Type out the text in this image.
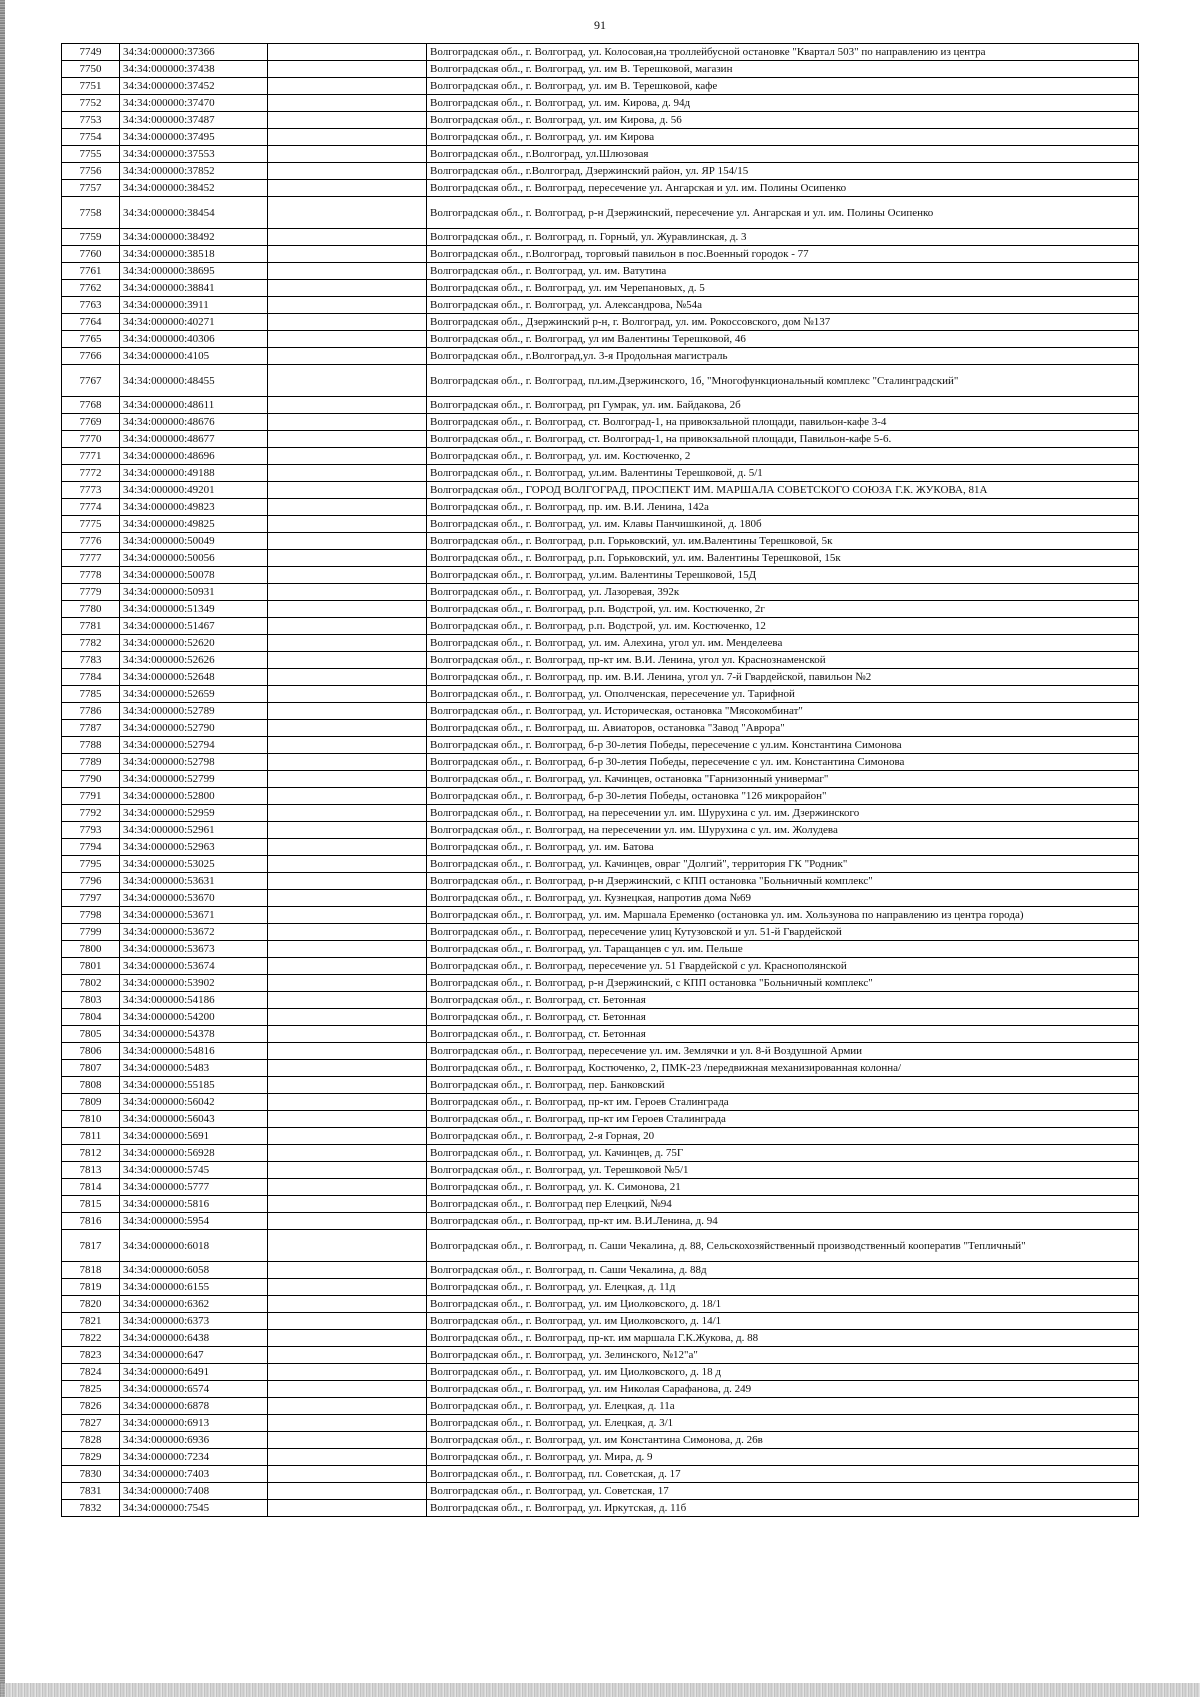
91
7749	34:34:000000:37366		Волгоградская обл., г. Волгоград, ул. Колосовая,на троллейбусной остановке "Квартал 503" по направлению из центра
7750	34:34:000000:37438		Волгоградская обл., г. Волгоград, ул. им В. Терешковой, магазин
7751	34:34:000000:37452		Волгоградская обл., г. Волгоград, ул. им В. Терешковой, кафе
7752	34:34:000000:37470		Волгоградская обл., г. Волгоград, ул. им. Кирова, д. 94д
7753	34:34:000000:37487		Волгоградская обл., г. Волгоград, ул. им Кирова, д. 56
7754	34:34:000000:37495		Волгоградская обл., г. Волгоград, ул. им Кирова
7755	34:34:000000:37553		Волгоградская обл., г.Волгоград, ул.Шлюзовая
7756	34:34:000000:37852		Волгоградская обл., г.Волгоград, Дзержинский район, ул. ЯР 154/15
7757	34:34:000000:38452		Волгоградская обл., г. Волгоград, пересечение ул. Ангарская и ул. им. Полины Осипенко
7758	34:34:000000:38454		Волгоградская обл., г. Волгоград, р-н Дзержинский, пересечение ул. Ангарская и ул. им. Полины Осипенко
7759	34:34:000000:38492		Волгоградская обл., г. Волгоград, п. Горный, ул. Журавлинская, д. 3
7760	34:34:000000:38518		Волгоградская обл., г.Волгоград, торговый павильон в пос.Военный городок - 77
7761	34:34:000000:38695		Волгоградская обл., г. Волгоград, ул. им. Ватутина
7762	34:34:000000:38841		Волгоградская обл., г. Волгоград, ул. им Черепановых, д. 5
7763	34:34:000000:3911		Волгоградская обл., г. Волгоград, ул. Александрова, №54а
7764	34:34:000000:40271		Волгоградская обл., Дзержинский р-н, г. Волгоград, ул. им. Рокоссовского, дом №137
7765	34:34:000000:40306		Волгоградская обл., г. Волгоград, ул им Валентины Терешковой, 46
7766	34:34:000000:4105		Волгоградская обл., г.Волгоград,ул. 3-я Продольная магистраль
7767	34:34:000000:48455		Волгоградская обл., г. Волгоград, пл.им.Дзержинского, 1б, "Многофункциональный комплекс "Сталинградский"
7768	34:34:000000:48611		Волгоградская обл., г. Волгоград, рп Гумрак, ул. им. Байдакова, 2б
7769	34:34:000000:48676		Волгоградская обл., г. Волгоград, ст. Волгоград-1, на привокзальной площади, павильон-кафе 3-4
7770	34:34:000000:48677		Волгоградская обл., г. Волгоград, ст. Волгоград-1, на привокзальной площади, Павильон-кафе 5-6.
7771	34:34:000000:48696		Волгоградская обл., г. Волгоград, ул. им. Костюченко, 2
7772	34:34:000000:49188		Волгоградская обл., г. Волгоград, ул.им. Валентины Терешковой, д. 5/1
7773	34:34:000000:49201		Волгоградская обл., ГОРОД ВОЛГОГРАД, ПРОСПЕКТ ИМ. МАРШАЛА СОВЕТСКОГО СОЮЗА Г.К. ЖУКОВА, 81А
7774	34:34:000000:49823		Волгоградская обл., г. Волгоград, пр. им. В.И. Ленина, 142а
7775	34:34:000000:49825		Волгоградская обл., г. Волгоград, ул. им. Клавы Панчишкиной, д. 180б
7776	34:34:000000:50049		Волгоградская обл., г. Волгоград, р.п. Горьковский, ул. им.Валентины Терешковой, 5к
7777	34:34:000000:50056		Волгоградская обл., г. Волгоград, р.п. Горьковский, ул. им. Валентины Терешковой, 15к
7778	34:34:000000:50078		Волгоградская обл., г. Волгоград, ул.им. Валентины Терешковой, 15Д
7779	34:34:000000:50931		Волгоградская обл., г. Волгоград, ул. Лазоревая, 392к
7780	34:34:000000:51349		Волгоградская обл., г. Волгоград, р.п. Водстрой, ул. им. Костюченко, 2г
7781	34:34:000000:51467		Волгоградская обл., г. Волгоград, р.п. Водстрой, ул. им. Костюченко, 12
7782	34:34:000000:52620		Волгоградская обл., г. Волгоград, ул. им. Алехина, угол ул. им. Менделеева
7783	34:34:000000:52626		Волгоградская обл., г. Волгоград, пр-кт им. В.И. Ленина, угол ул. Краснознаменской
7784	34:34:000000:52648		Волгоградская обл., г. Волгоград, пр. им. В.И. Ленина, угол ул. 7-й Гвардейской, павильон №2
7785	34:34:000000:52659		Волгоградская обл., г. Волгоград, ул. Ополченская, пересечение ул. Тарифной
7786	34:34:000000:52789		Волгоградская обл., г. Волгоград, ул. Историческая, остановка "Мясокомбинат"
7787	34:34:000000:52790		Волгоградская обл., г. Волгоград, ш. Авиаторов, остановка "Завод "Аврора"
7788	34:34:000000:52794		Волгоградская обл., г. Волгоград, б-р 30-летия Победы, пересечение с ул.им. Константина Симонова
7789	34:34:000000:52798		Волгоградская обл., г. Волгоград, б-р 30-летия Победы, пересечение с ул. им. Константина Симонова
7790	34:34:000000:52799		Волгоградская обл., г. Волгоград, ул. Качинцев, остановка "Гарнизонный универмаг"
7791	34:34:000000:52800		Волгоградская обл., г. Волгоград, б-р 30-летия Победы, остановка "126 микрорайон"
7792	34:34:000000:52959		Волгоградская обл., г. Волгоград, на пересечении ул. им. Шурухина с ул. им. Дзержинского
7793	34:34:000000:52961		Волгоградская обл., г. Волгоград, на пересечении ул. им. Шурухина с ул. им. Жолудева
7794	34:34:000000:52963		Волгоградская обл., г. Волгоград, ул. им. Батова
7795	34:34:000000:53025		Волгоградская обл., г. Волгоград, ул. Качинцев, овраг "Долгий", территория ГК "Родник"
7796	34:34:000000:53631		Волгоградская обл., г. Волгоград, р-н Дзержинский, с КПП остановка "Больничный комплекс"
7797	34:34:000000:53670		Волгоградская обл., г. Волгоград, ул. Кузнецкая, напротив дома №69
7798	34:34:000000:53671		Волгоградская обл., г. Волгоград, ул. им. Маршала Еременко (остановка ул. им. Хользунова по направлению из центра города)
7799	34:34:000000:53672		Волгоградская обл., г. Волгоград, пересечение улиц Кутузовской и ул. 51-й Гвардейской
7800	34:34:000000:53673		Волгоградская обл., г. Волгоград, ул. Таращанцев с ул. им. Пельше
7801	34:34:000000:53674		Волгоградская обл., г. Волгоград, пересечение ул. 51 Гвардейской с ул. Краснополянской
7802	34:34:000000:53902		Волгоградская обл., г. Волгоград, р-н Дзержинский, с КПП остановка "Больничный комплекс"
7803	34:34:000000:54186		Волгоградская обл., г. Волгоград, ст. Бетонная
7804	34:34:000000:54200		Волгоградская обл., г. Волгоград, ст. Бетонная
7805	34:34:000000:54378		Волгоградская обл., г. Волгоград, ст. Бетонная
7806	34:34:000000:54816		Волгоградская обл., г. Волгоград, пересечение ул. им. Землячки и ул. 8-й Воздушной Армии
7807	34:34:000000:5483		Волгоградская обл., г. Волгоград, Костюченко, 2, ПМК-23 /передвижная механизированная колонна/
7808	34:34:000000:55185		Волгоградская обл., г. Волгоград, пер. Банковский
7809	34:34:000000:56042		Волгоградская обл., г. Волгоград, пр-кт им. Героев Сталинграда
7810	34:34:000000:56043		Волгоградская обл., г. Волгоград, пр-кт им Героев Сталинграда
7811	34:34:000000:5691		Волгоградская обл., г. Волгоград, 2-я Горная, 20
7812	34:34:000000:56928		Волгоградская обл., г. Волгоград, ул. Качинцев, д. 75Г
7813	34:34:000000:5745		Волгоградская обл., г. Волгоград, ул. Терешковой №5/1
7814	34:34:000000:5777		Волгоградская обл., г. Волгоград, ул. К. Симонова, 21
7815	34:34:000000:5816		Волгоградская обл., г. Волгоград пер Елецкий, №94
7816	34:34:000000:5954		Волгоградская обл., г. Волгоград, пр-кт им. В.И.Ленина, д. 94
7817	34:34:000000:6018		Волгоградская обл., г. Волгоград, п. Саши Чекалина, д. 88, Сельскохозяйственный производственный кооператив "Тепличный"
7818	34:34:000000:6058		Волгоградская обл., г. Волгоград, п. Саши Чекалина, д. 88д
7819	34:34:000000:6155		Волгоградская обл., г. Волгоград, ул. Елецкая, д. 11д
7820	34:34:000000:6362		Волгоградская обл., г. Волгоград, ул. им Циолковского, д. 18/1
7821	34:34:000000:6373		Волгоградская обл., г. Волгоград, ул. им Циолковского, д. 14/1
7822	34:34:000000:6438		Волгоградская обл., г. Волгоград, пр-кт. им маршала Г.К.Жукова, д. 88
7823	34:34:000000:647		Волгоградская обл., г. Волгоград, ул. Зелинского, №12"а"
7824	34:34:000000:6491		Волгоградская обл., г. Волгоград, ул. им Циолковского, д. 18 д
7825	34:34:000000:6574		Волгоградская обл., г. Волгоград, ул. им Николая Сарафанова, д. 249
7826	34:34:000000:6878		Волгоградская обл., г. Волгоград, ул. Елецкая, д. 11а
7827	34:34:000000:6913		Волгоградская обл., г. Волгоград, ул. Елецкая, д. 3/1
7828	34:34:000000:6936		Волгоградская обл., г. Волгоград, ул. им Константина Симонова, д. 26в
7829	34:34:000000:7234		Волгоградская обл., г. Волгоград, ул. Мира, д. 9
7830	34:34:000000:7403		Волгоградская обл., г. Волгоград, пл. Советская, д. 17
7831	34:34:000000:7408		Волгоградская обл., г. Волгоград, ул. Советская, 17
7832	34:34:000000:7545		Волгоградская обл., г. Волгоград, ул. Иркутская, д. 11б
